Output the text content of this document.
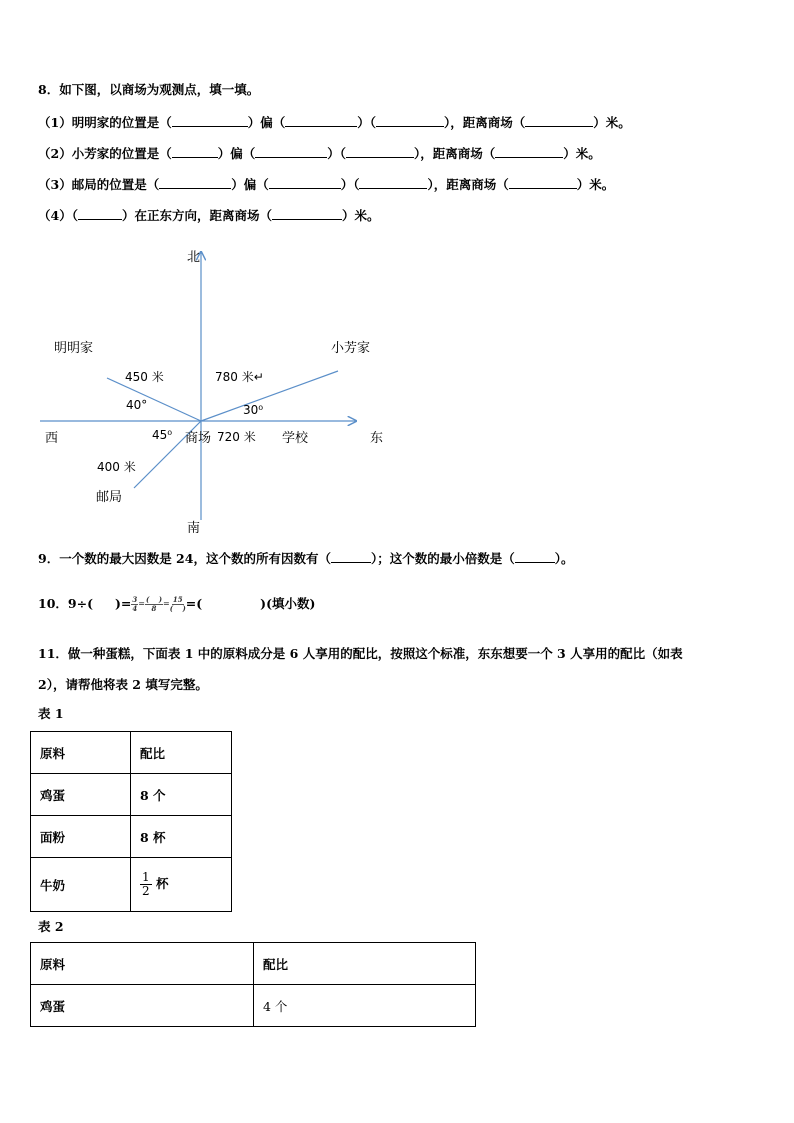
8．如下图，以商场为观测点，填一填。
（1）明明家的位置是（	）偏（	）（	），距离商场（	）米。
（2）小芳家的位置是（	）偏（	）（	），距离商场（	）米。
（3）邮局的位置是（	）偏（	）（	），距离商场（	）米。
（4）（	）在正东方向，距离商场（	）米。
北
南
西	东
商场
明明家	小芳家
邮局
学校
450 米	780 米↵
400 米
720 米
40°	30⁰
45⁰
9．一个数的最大因数是 24，这个数的所有因数有（	）；这个数的最小倍数是（	）。
10．9÷( )= $\frac{3}{4}$ = (　 )
8 = 15
(　 ) =(	)(填小数)
11．做一种蛋糕，下面表 1 中的原料成分是 6 人享用的配比，按照这个标准，东东想要一个 3 人享用的配比（如表
2），请帮他将表 2 填写完整。
表 1
原料	配比
鸡蛋	8 个
面粉	8 杯
牛奶	$\frac{1}{2}$ 杯
表 2
原料	配比
鸡蛋	4 个
